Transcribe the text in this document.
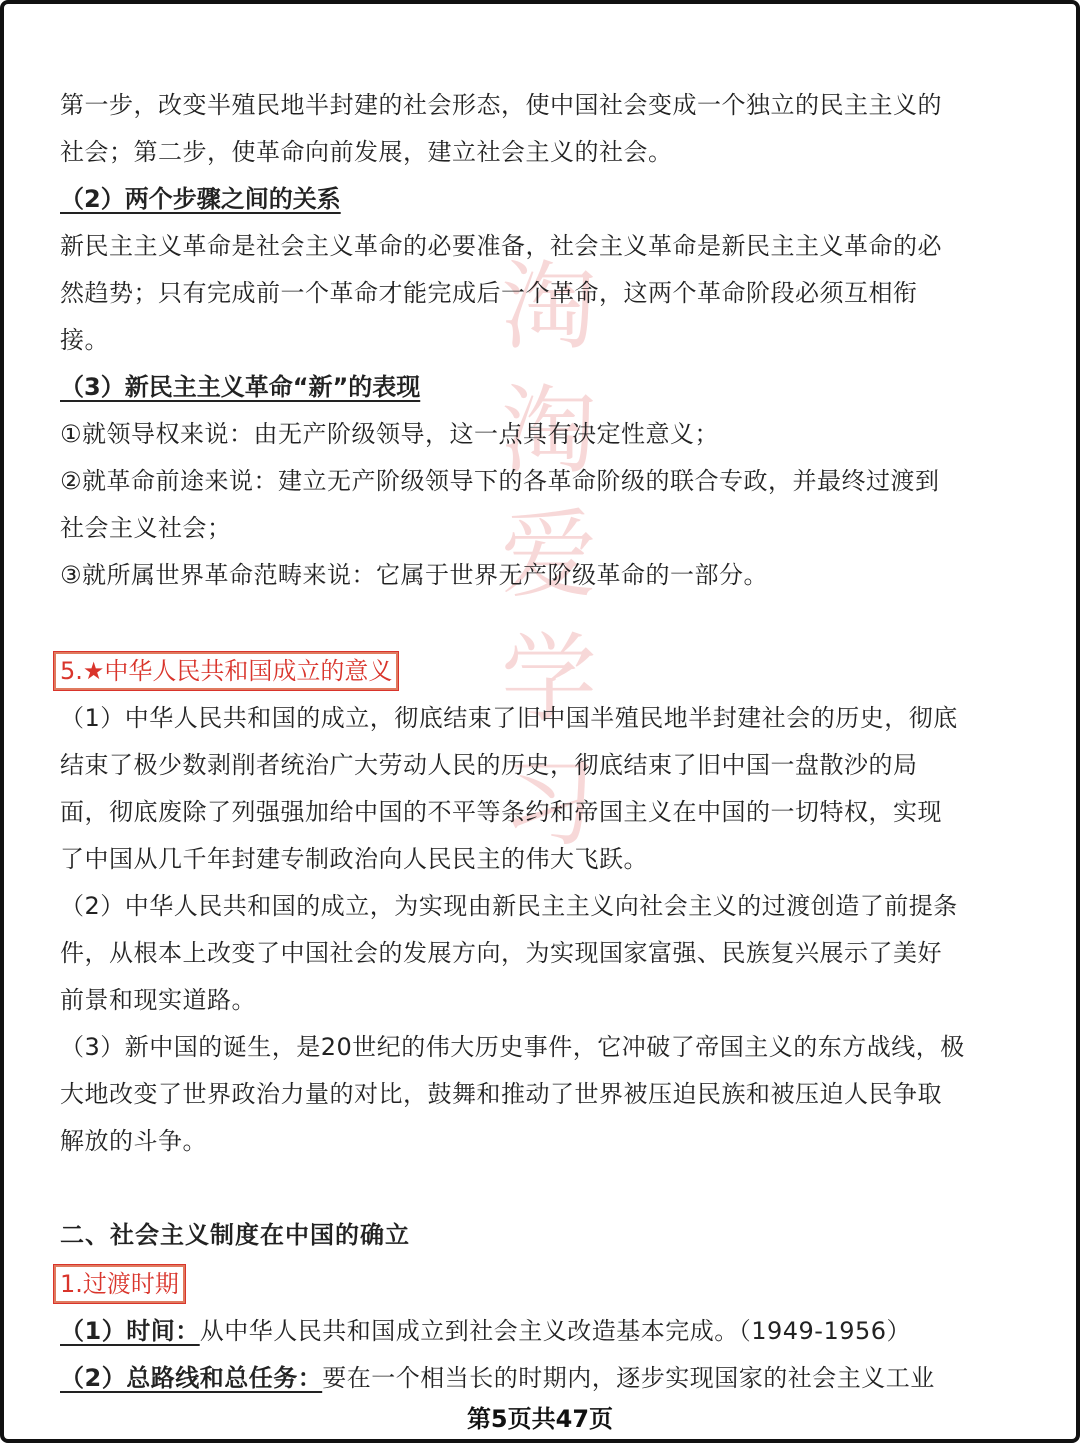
淘
淘
爱
学
习

第一步，改变半殖民地半封建的社会形态，使中国社会变成一个独立的民主主义的

社会；第二步，使革命向前发展，建立社会主义的社会。

（2）两个步骤之间的关系

新民主主义革命是社会主义革命的必要准备，社会主义革命是新民主主义革命的必

然趋势；只有完成前一个革命才能完成后一个革命，这两个革命阶段必须互相衔

接。

（3）新民主主义革命“新”的表现

①就领导权来说：由无产阶级领导，这一点具有决定性意义；

②就革命前途来说：建立无产阶级领导下的各革命阶级的联合专政，并最终过渡到

社会主义社会；

③就所属世界革命范畴来说：它属于世界无产阶级革命的一部分。

5.★中华人民共和国成立的意义

（1）中华人民共和国的成立，彻底结束了旧中国半殖民地半封建社会的历史，彻底

结束了极少数剥削者统治广大劳动人民的历史，彻底结束了旧中国一盘散沙的局

面，彻底废除了列强强加给中国的不平等条约和帝国主义在中国的一切特权，实现

了中国从几千年封建专制政治向人民民主的伟大飞跃。

（2）中华人民共和国的成立，为实现由新民主主义向社会主义的过渡创造了前提条

件，从根本上改变了中国社会的发展方向，为实现国家富强、民族复兴展示了美好

前景和现实道路。

（3）新中国的诞生，是20世纪的伟大历史事件，它冲破了帝国主义的东方战线，极

大地改变了世界政治力量的对比，鼓舞和推动了世界被压迫民族和被压迫人民争取

解放的斗争。

二、社会主义制度在中国的确立

1.过渡时期

（1）时间：从中华人民共和国成立到社会主义改造基本完成。（1949-1956）

（2）总路线和总任务：要在一个相当长的时期内，逐步实现国家的社会主义工业

第5页共47页
